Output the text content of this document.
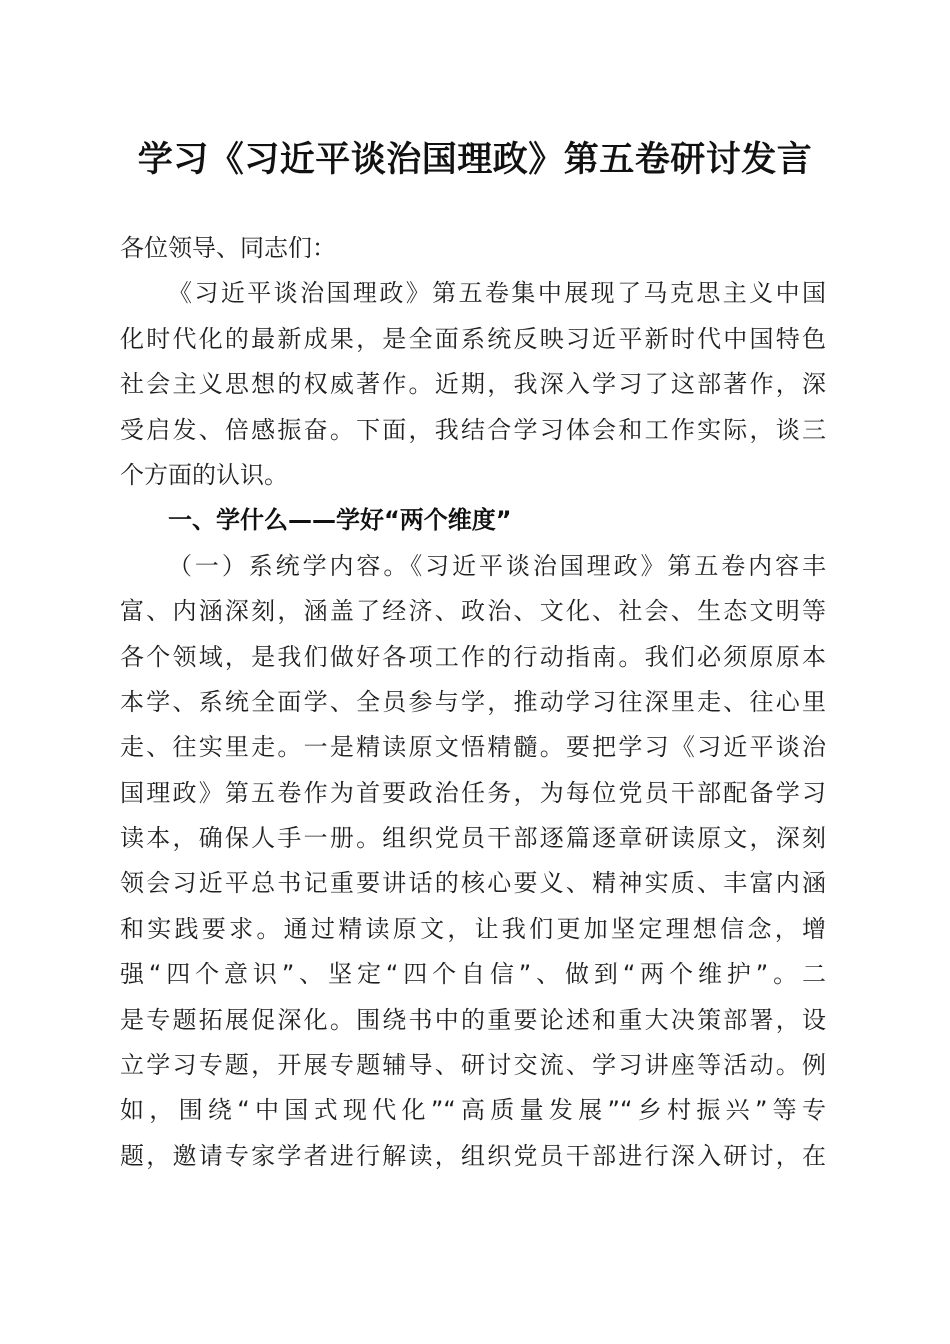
学习《习近平谈治国理政》第五卷研讨发言
各位领导、同志们：
《习近平谈治国理政》第五卷集中展现了马克思主义中国
化时代化的最新成果，是全面系统反映习近平新时代中国特色
社会主义思想的权威著作。近期，我深入学习了这部著作，深
受启发、倍感振奋。下面，我结合学习体会和工作实际，谈三
个方面的认识。
一、学什么——学好“两个维度”
（一）系统学内容。《习近平谈治国理政》第五卷内容丰
富、内涵深刻，涵盖了经济、政治、文化、社会、生态文明等
各个领域，是我们做好各项工作的行动指南。我们必须原原本
本学、系统全面学、全员参与学，推动学习往深里走、往心里
走、往实里走。一是精读原文悟精髓。要把学习《习近平谈治
国理政》第五卷作为首要政治任务，为每位党员干部配备学习
读本，确保人手一册。组织党员干部逐篇逐章研读原文，深刻
领会习近平总书记重要讲话的核心要义、精神实质、丰富内涵
和实践要求。通过精读原文，让我们更加坚定理想信念，增
强“四个意识”、坚定“四个自信”、做到“两个维护”。二
是专题拓展促深化。围绕书中的重要论述和重大决策部署，设
立学习专题，开展专题辅导、研讨交流、学习讲座等活动。例
如，围绕“中国式现代化”“高质量发展”“乡村振兴”等专
题，邀请专家学者进行解读，组织党员干部进行深入研讨，在
